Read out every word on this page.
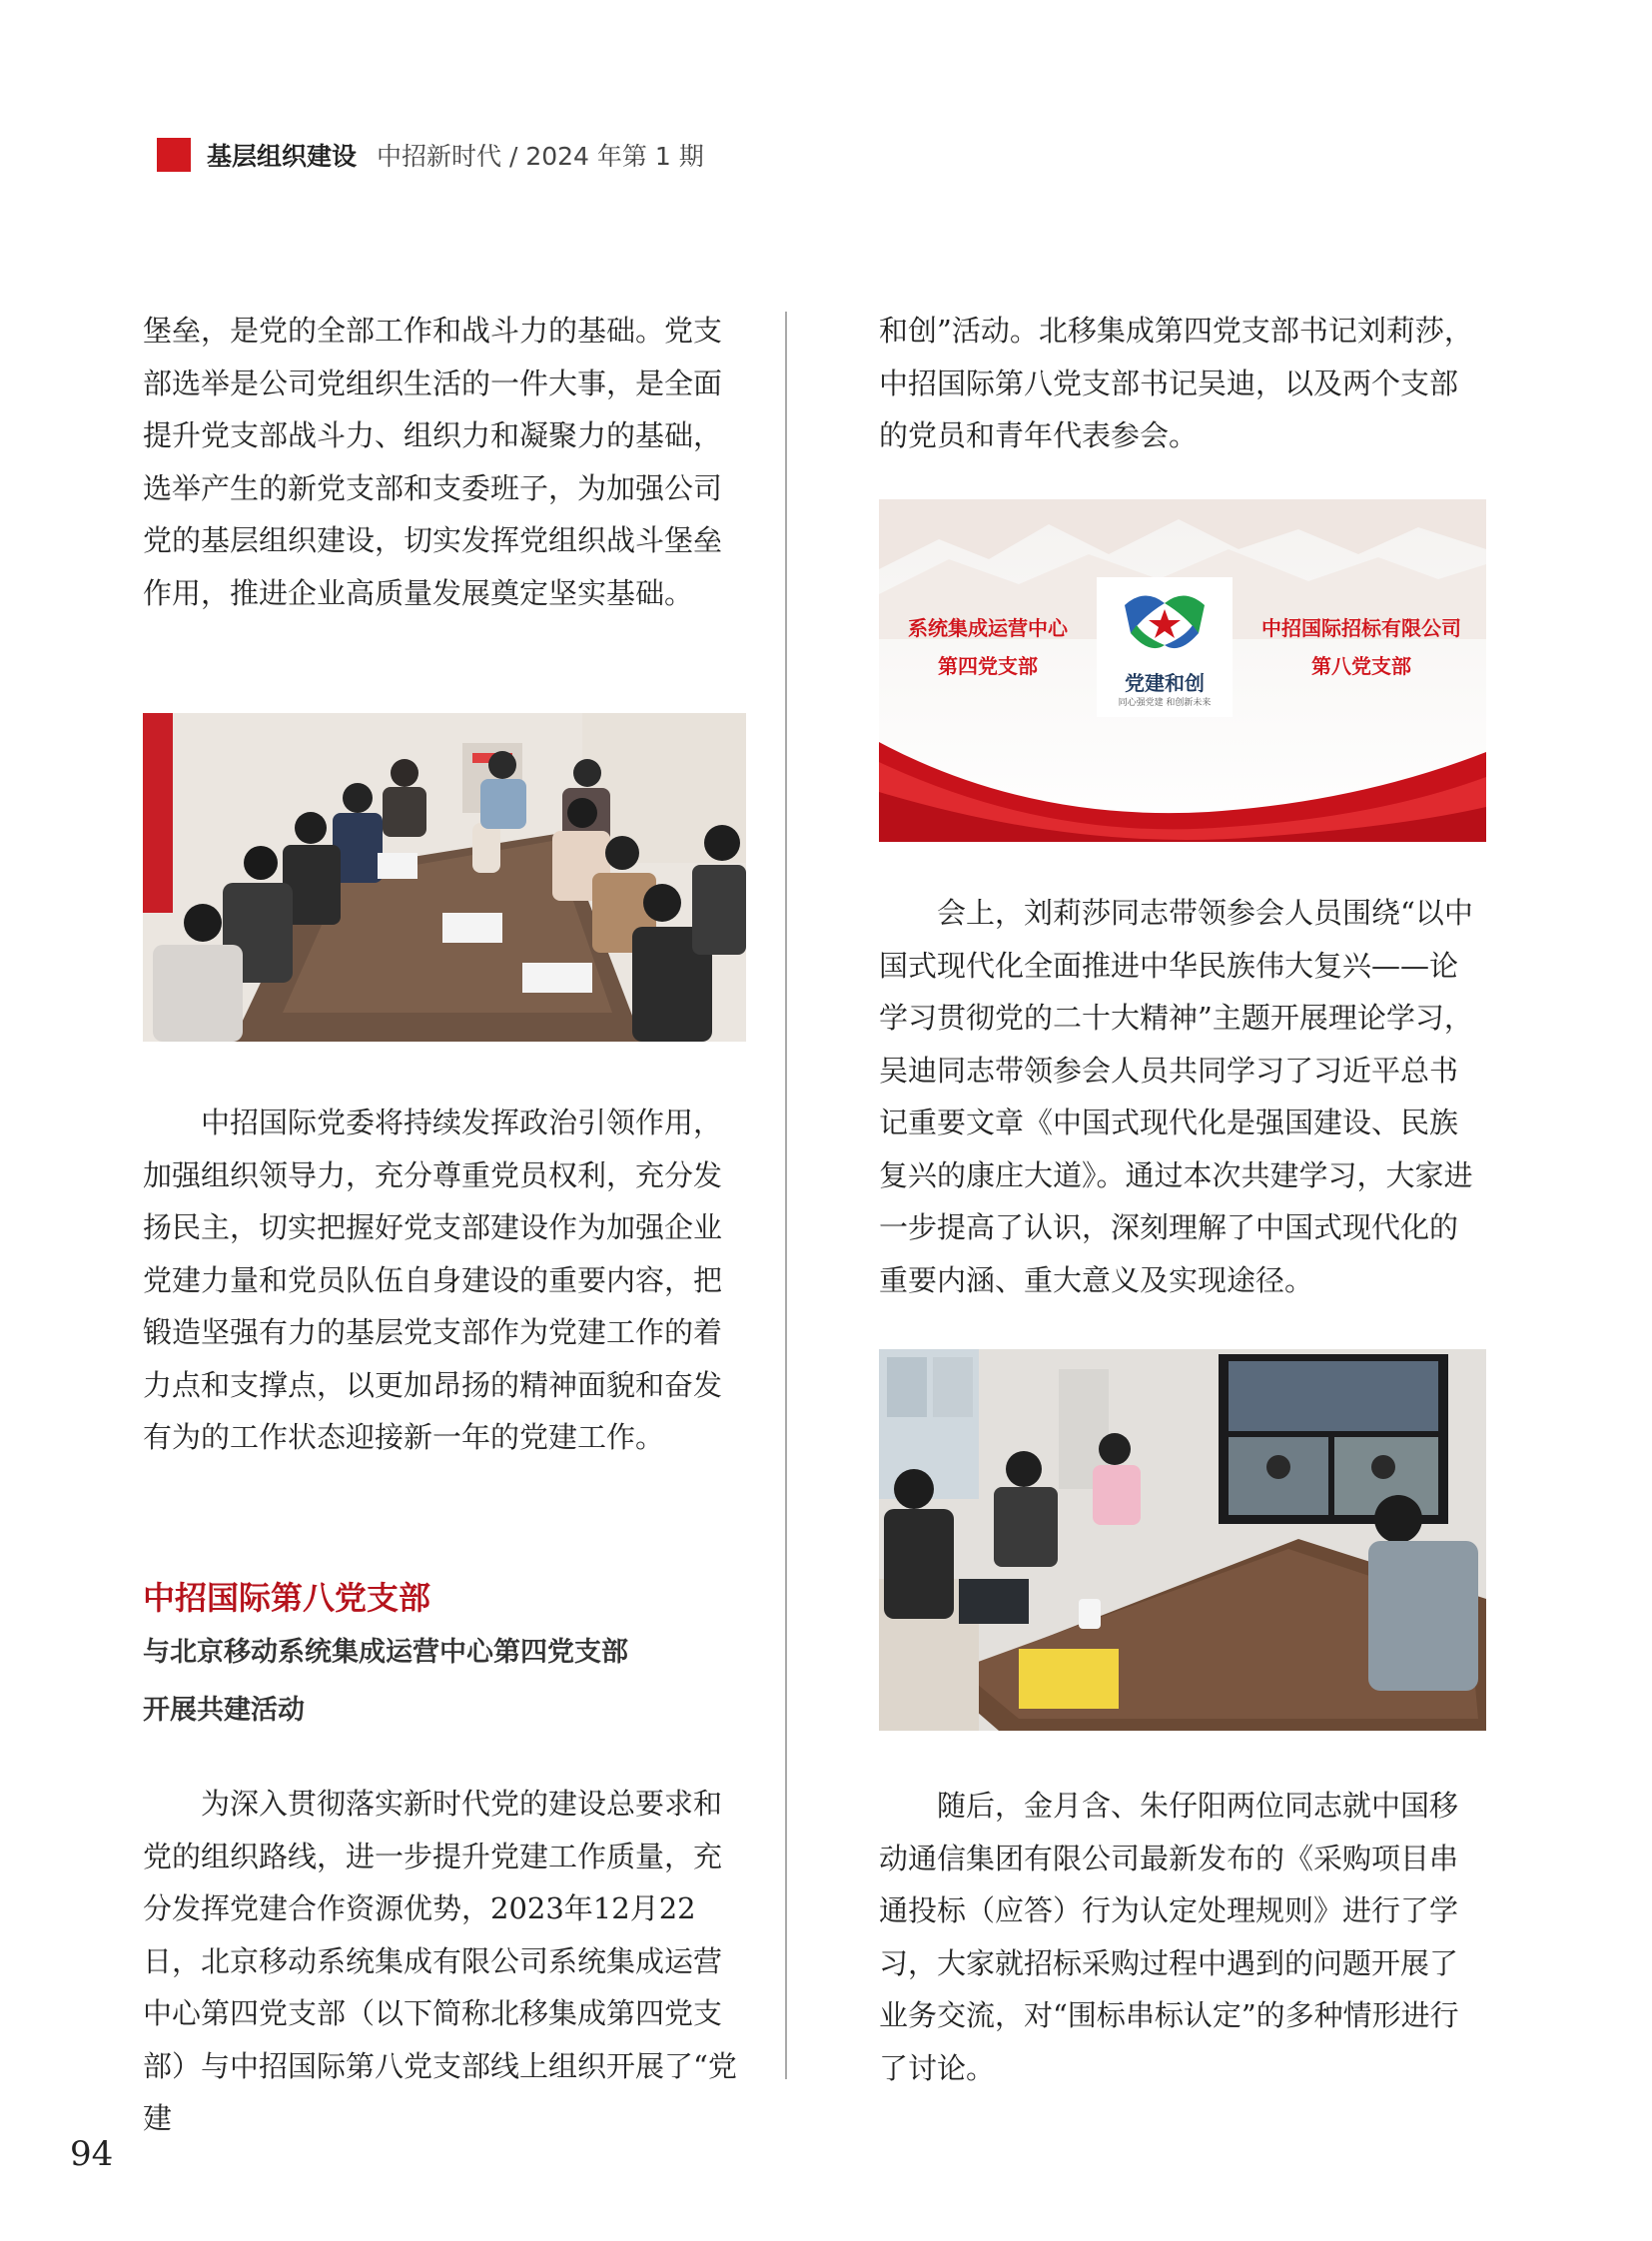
基层组织建设 中招新时代 / 2024 年第 1 期

堡垒，是党的全部工作和战斗力的基础。党支部选举是公司党组织生活的一件大事，是全面提升党支部战斗力、组织力和凝聚力的基础，选举产生的新党支部和支委班子，为加强公司党的基层组织建设，切实发挥党组织战斗堡垒作用，推进企业高质量发展奠定坚实基础。

中招国际党委将持续发挥政治引领作用，加强组织领导力，充分尊重党员权利，充分发扬民主，切实把握好党支部建设作为加强企业党建力量和党员队伍自身建设的重要内容，把锻造坚强有力的基层党支部作为党建工作的着力点和支撑点，以更加昂扬的精神面貌和奋发有为的工作状态迎接新一年的党建工作。

中招国际第八党支部
与北京移动系统集成运营中心第四党支部
开展共建活动

为深入贯彻落实新时代党的建设总要求和党的组织路线，进一步提升党建工作质量，充分发挥党建合作资源优势，2023年12月22日，北京移动系统集成有限公司系统集成运营中心第四党支部（以下简称北移集成第四党支部）与中招国际第八党支部线上组织开展了“党建

和创”活动。北移集成第四党支部书记刘莉莎，中招国际第八党支部书记吴迪，以及两个支部的党员和青年代表参会。

系统集成运营中心
第四党支部
党建和创
同心强党建 和创新未来
中招国际招标有限公司
第八党支部

会上，刘莉莎同志带领参会人员围绕“以中国式现代化全面推进中华民族伟大复兴——论学习贯彻党的二十大精神”主题开展理论学习，吴迪同志带领参会人员共同学习了习近平总书记重要文章《中国式现代化是强国建设、民族复兴的康庄大道》。通过本次共建学习，大家进一步提高了认识，深刻理解了中国式现代化的重要内涵、重大意义及实现途径。

随后，金月含、朱仔阳两位同志就中国移动通信集团有限公司最新发布的《采购项目串通投标（应答）行为认定处理规则》进行了学习，大家就招标采购过程中遇到的问题开展了业务交流，对“围标串标认定”的多种情形进行了讨论。

94
